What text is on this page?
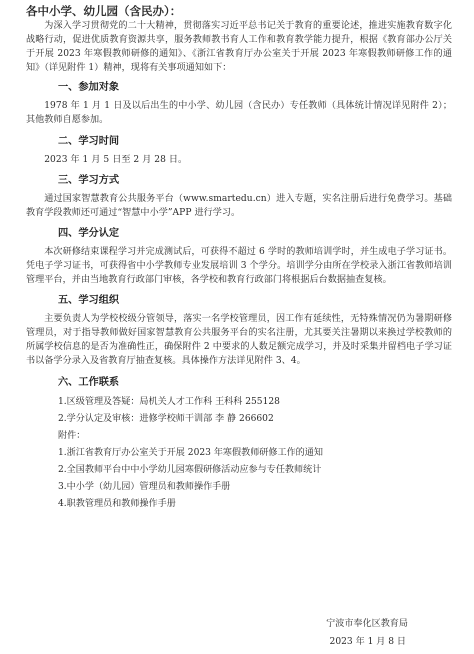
各中小学、幼儿园（含民办）：

为深入学习贯彻党的二十大精神，贯彻落实习近平总书记关于教育的重要论述，推进实施教育数字化战略行动，促进优质教育资源共享，服务教师教书育人工作和教育教学能力提升，根据《教育部办公厅关于开展 2023 年寒假教师研修的通知》、《浙江省教育厅办公室关于开展 2023 年寒假教师研修工作的通知》（详见附件 1）精神，现将有关事项通知如下：

一、参加对象

1978 年 1 月 1 日及以后出生的中小学、幼儿园（含民办）专任教师（具体统计情况详见附件 2）；其他教师自愿参加。

二、学习时间

2023 年 1 月 5 日至 2 月 28 日。

三、学习方式

通过国家智慧教育公共服务平台（www.smartedu.cn）进入专题，实名注册后进行免费学习。基础教育学段教师还可通过“智慧中小学”APP 进行学习。

四、学分认定

本次研修结束课程学习并完成测试后，可获得不超过 6 学时的教师培训学时，并生成电子学习证书。凭电子学习证书，可获得省中小学教师专业发展培训 3 个学分。培训学分由所在学校录入浙江省教师培训管理平台，并由当地教育行政部门审核，各学校和教育行政部门将根据后台数据抽查复核。

五、学习组织

主要负责人为学校校级分管领导，落实一名学校管理员，因工作有延续性，无特殊情况仍为暑期研修管理员，对于指导教师做好国家智慧教育公共服务平台的实名注册，尤其要关注暑期以来换过学校教师的所属学校信息的是否为准确性正，确保附件 2 中要求的人数足额完成学习，并及时采集并留档电子学习证书以备学分录入及省教育厅抽查复核。具体操作方法详见附件 3、4。

六、工作联系
1.区级管理及答疑：局机关人才工作科 王科科 255128
2.学分认定及审核：进修学校师干训部 李 静 266602
附件：
1.浙江省教育厅办公室关于开展 2023 年寒假教师研修工作的通知
2.全国教师平台中中小学幼儿园寒假研修活动应参与专任教师统计
3.中小学（幼儿园）管理员和教师操作手册
4.职教管理员和教师操作手册
宁波市奉化区教育局
2023 年 1 月 8 日
